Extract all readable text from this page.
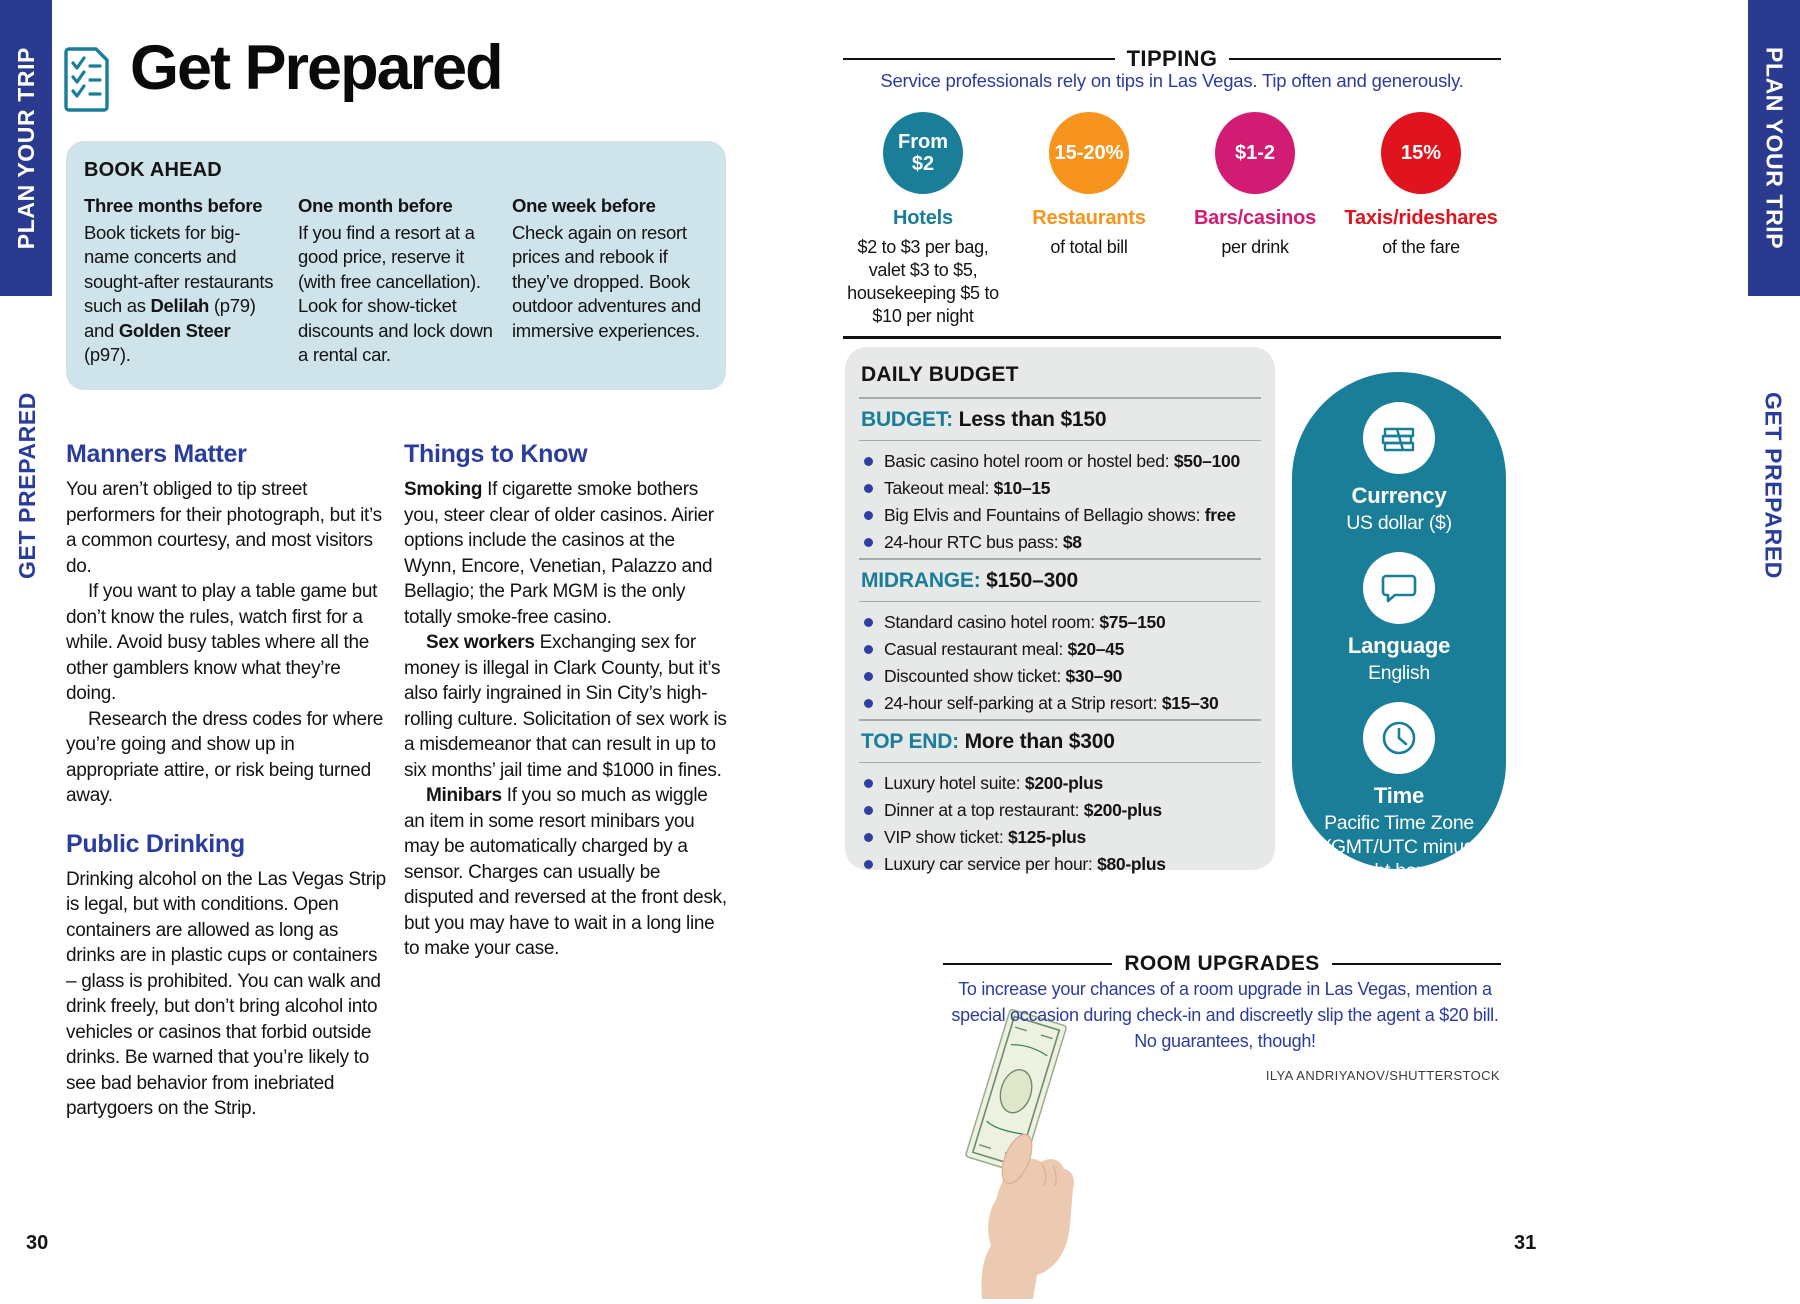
PLAN YOUR TRIP
GET PREPARED
Get Prepared
BOOK AHEAD
Three months before

Book tickets for big-name concerts and sought-after restaurants such as Delilah (p79) and Golden Steer (p97).

One month before

If you find a resort at a good price, reserve it (with free cancellation). Look for show-ticket discounts and lock down a rental car.

One week before

Check again on resort prices and rebook if they’ve dropped. Book outdoor adventures and immersive experiences.

Manners Matter

You aren’t obliged to tip street performers for their photograph, but it’s a common courtesy, and most visitors do.

If you want to play a table game but don’t know the rules, watch first for a while. Avoid busy tables where all the other gamblers know what they’re doing.

Research the dress codes for where you’re going and show up in appropriate attire, or risk being turned away.

Public Drinking

Drinking alcohol on the Las Vegas Strip is legal, but with conditions. Open containers are allowed as long as drinks are in plastic cups or containers – glass is prohibited. You can walk and drink freely, but don’t bring alcohol into vehicles or casinos that forbid outside drinks. Be warned that you’re likely to see bad behavior from inebriated partygoers on the Strip.

Things to Know

Smoking If cigarette smoke bothers you, steer clear of older casinos. Airier options include the casinos at the Wynn, Encore, Venetian, Palazzo and Bellagio; the Park MGM is the only totally smoke-free casino.

Sex workers Exchanging sex for money is illegal in Clark County, but it’s also fairly ingrained in Sin City’s high-rolling culture. Solicitation of sex work is a misdemeanor that can result in up to six months’ jail time and $1000 in fines.

Minibars If you so much as wiggle an item in some resort minibars you may be automatically charged by a sensor. Charges can usually be disputed and reversed at the front desk, but you may have to wait in a long line to make your case.

30
TIPPING
Service professionals rely on tips in Las Vegas. Tip often and generously.
From
$2
Hotels
$2 to $3 per bag, valet $3 to $5, housekeeping $5 to $10 per night
15-20%
Restaurants
of total bill
$1-2
Bars/casinos
per drink
15%
Taxis/rideshares
of the fare
DAILY BUDGET
BUDGET: Less than $150
Basic casino hotel room or hostel bed: $50–100
Takeout meal: $10–15
Big Elvis and Fountains of Bellagio shows: free
24-hour RTC bus pass: $8
MIDRANGE: $150–300
Standard casino hotel room: $75–150
Casual restaurant meal: $20–45
Discounted show ticket: $30–90
24-hour self-parking at a Strip resort: $15–30
TOP END: More than $300
Luxury hotel suite: $200-plus
Dinner at a top restaurant: $200-plus
VIP show ticket: $125-plus
Luxury car service per hour: $80-plus
Currency
US dollar ($)
Language
English
Time
Pacific Time Zone (GMT/UTC minus eight hours)
ILYA ANDRIYANOV/SHUTTERSTOCK
ROOM UPGRADES
To increase your chances of a room upgrade in Las Vegas, mention a special occasion during check-in and discreetly slip the agent a $20 bill. No guarantees, though!
31
PLAN YOUR TRIP
GET PREPARED
